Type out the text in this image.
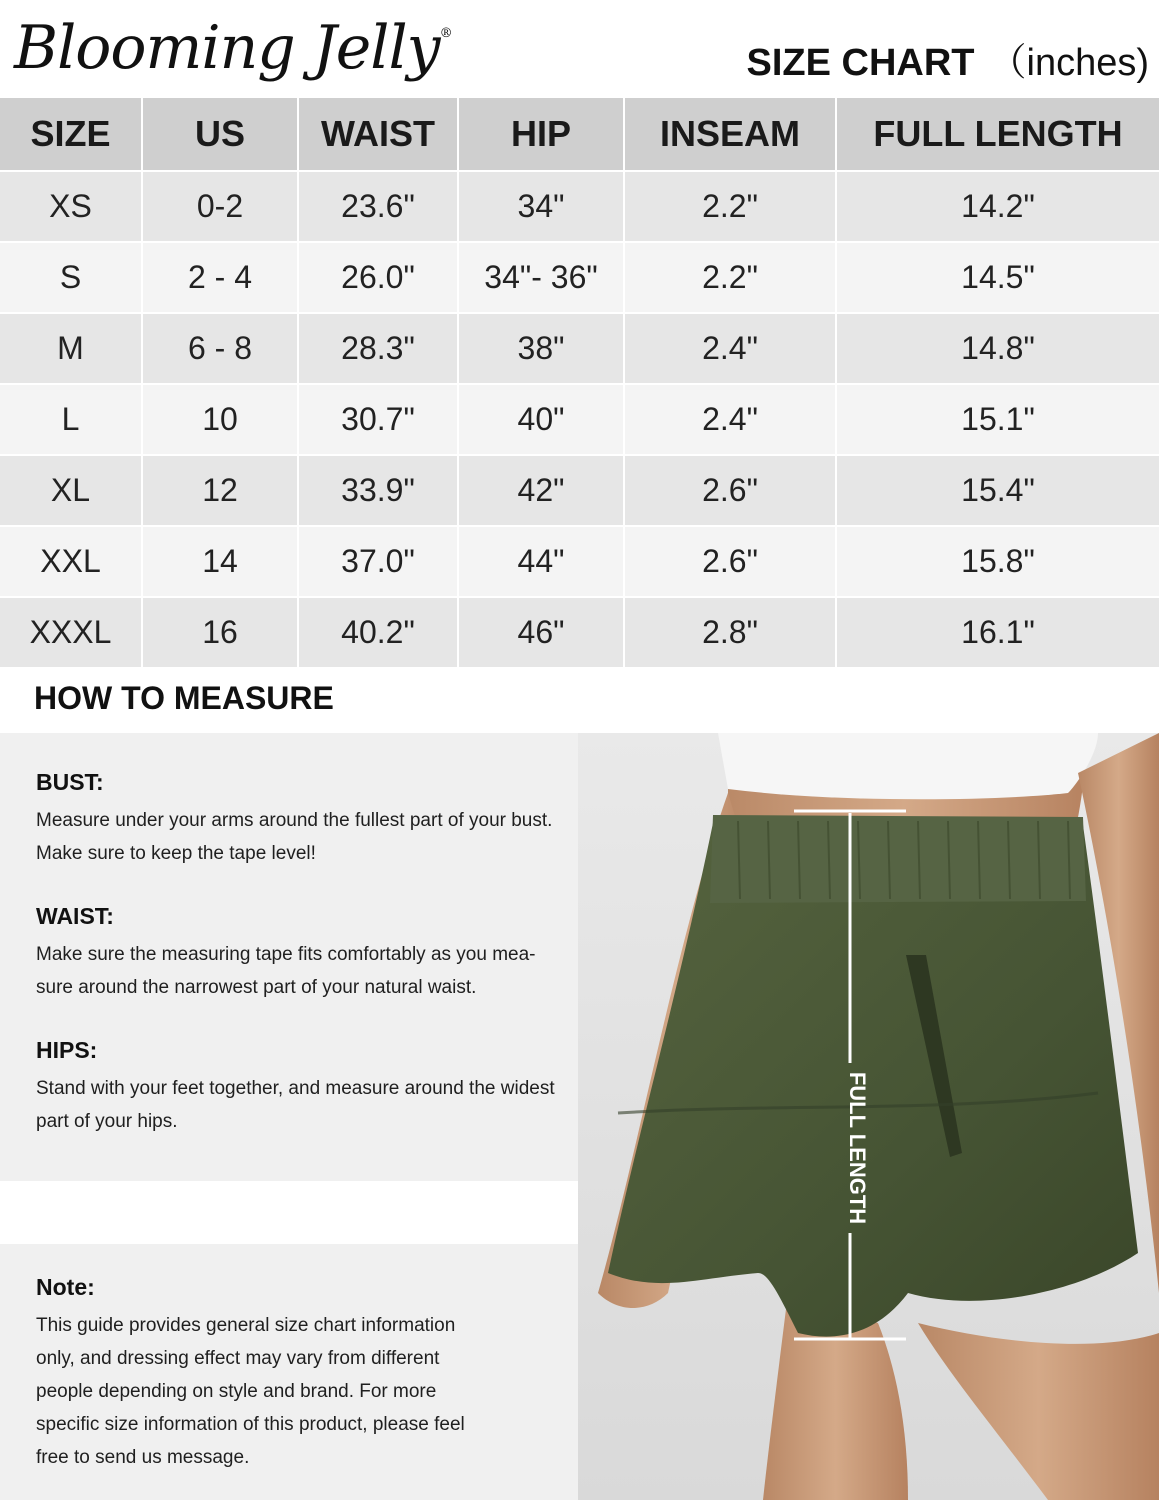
Blooming Jelly®
SIZE CHART （inches)
SIZE	US	WAIST	HIP	INSEAM	FULL LENGTH
XS	0-2	23.6"	34"	2.2"	14.2"
S	2 - 4	26.0"	34"- 36"	2.2"	14.5"
M	6 - 8	28.3"	38"	2.4"	14.8"
L	10	30.7"	40"	2.4"	15.1"
XL	12	33.9"	42"	2.6"	15.4"
XXL	14	37.0"	44"	2.6"	15.8"
XXXL	16	40.2"	46"	2.8"	16.1"
HOW TO MEASURE
BUST:

Measure under your arms around the fullest part of your bust.
Make sure to keep the tape level!

WAIST:

Make sure the measuring tape fits comfortably as you mea-
sure around the narrowest part of your natural waist.

HIPS:

Stand with your feet together, and measure around the widest
part of your hips.

Note:

This guide provides general size chart information
only, and dressing effect may vary from different
people depending on style and brand. For more
specific size information of this product, please feel
free to send us message.

FULL LENGTH
